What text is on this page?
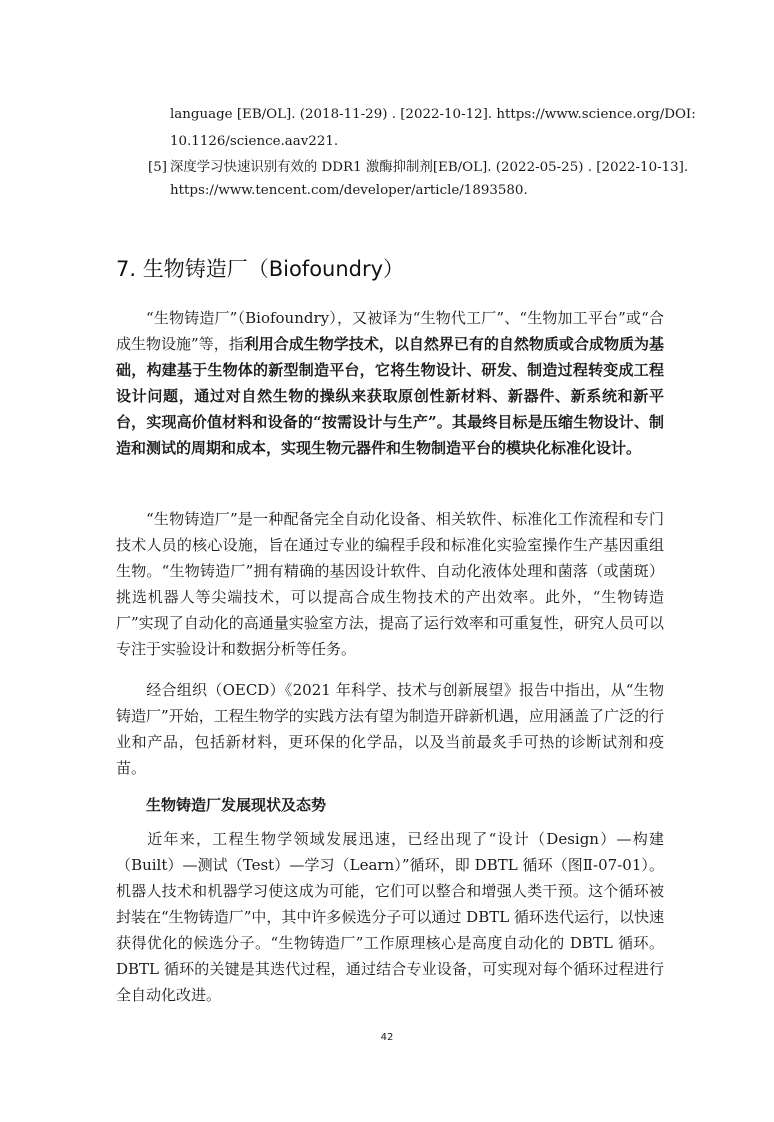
language [EB/OL]. (2018-11-29) . [2022-10-12]. https://www.science.org/DOI:
10.1126/science.aav221.
[5] 深度学习快速识别有效的 DDR1 激酶抑制剂[EB/OL]. (2022-05-25) . [2022-10-13].
https://www.tencent.com/developer/article/1893580.
7. 生物铸造厂（Biofoundry）
“生物铸造厂”（Biofoundry），又被译为“生物代工厂”、“生物加工平台”或“合成生物设施”等，指利用合成生物学技术，以自然界已有的自然物质或合成物质为基础，构建基于生物体的新型制造平台，它将生物设计、研发、制造过程转变成工程设计问题，通过对自然生物的操纵来获取原创性新材料、新器件、新系统和新平台，实现高价值材料和设备的“按需设计与生产”。其最终目标是压缩生物设计、制造和测试的周期和成本，实现生物元器件和生物制造平台的模块化标准化设计。
“生物铸造厂”是一种配备完全自动化设备、相关软件、标准化工作流程和专门技术人员的核心设施，旨在通过专业的编程手段和标准化实验室操作生产基因重组生物。“生物铸造厂”拥有精确的基因设计软件、自动化液体处理和菌落（或菌斑）挑选机器人等尖端技术，可以提高合成生物技术的产出效率。此外，“生物铸造厂”实现了自动化的高通量实验室方法，提高了运行效率和可重复性，研究人员可以专注于实验设计和数据分析等任务。
经合组织（OECD）《2021 年科学、技术与创新展望》报告中指出，从“生物铸造厂”开始，工程生物学的实践方法有望为制造开辟新机遇，应用涵盖了广泛的行业和产品，包括新材料，更环保的化学品，以及当前最炙手可热的诊断试剂和疫苗。
生物铸造厂发展现状及态势
近年来，工程生物学领域发展迅速，已经出现了“设计（Design）—构建（Built）—测试（Test）—学习（Learn）”循环，即 DBTL 循环（图Ⅱ-07-01）。机器人技术和机器学习使这成为可能，它们可以整合和增强人类干预。这个循环被封装在“生物铸造厂”中，其中许多候选分子可以通过 DBTL 循环迭代运行，以快速获得优化的候选分子。“生物铸造厂”工作原理核心是高度自动化的 DBTL 循环。DBTL 循环的关键是其迭代过程，通过结合专业设备，可实现对每个循环过程进行全自动化改进。
42
